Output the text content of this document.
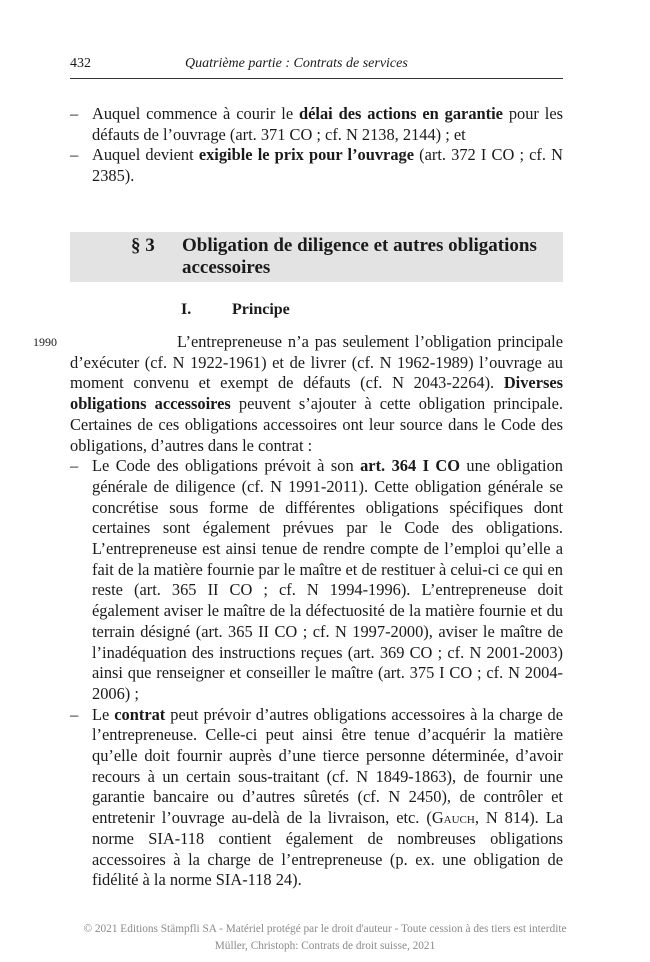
432	Quatrième partie : Contrats de services
– Auquel commence à courir le délai des actions en garantie pour les défauts de l’ouvrage (art. 371 CO ; cf. N 2138, 2144) ; et
– Auquel devient exigible le prix pour l’ouvrage (art. 372 I CO ; cf. N 2385).
§ 3 Obligation de diligence et autres obligations accessoires
I.	Principe
1990	L’entrepreneuse n’a pas seulement l’obligation principale d’exécuter (cf. N 1922-1961) et de livrer (cf. N 1962-1989) l’ouvrage au moment convenu et exempt de défauts (cf. N 2043-2264). Diverses obligations accessoires peuvent s’ajouter à cette obligation principale. Certaines de ces obligations accessoires ont leur source dans le Code des obligations, d’autres dans le contrat :

– Le Code des obligations prévoit à son art. 364 I CO une obligation générale de diligence (cf. N 1991-2011). Cette obligation générale se concrétise sous forme de différentes obligations spécifiques dont certaines sont également prévues par le Code des obligations. L’entrepreneuse est ainsi tenue de rendre compte de l’emploi qu’elle a fait de la matière fournie par le maître et de restituer à celui-ci ce qui en reste (art. 365 II CO ; cf. N 1994-1996). L’entrepreneuse doit également aviser le maître de la défectuosité de la matière fournie et du terrain désigné (art. 365 II CO ; cf. N 1997-2000), aviser le maître de l’inadéquation des instructions reçues (art. 369 CO ; cf. N 2001-2003) ainsi que renseigner et conseiller le maître (art. 375 I CO ; cf. N 2004-2006) ;
– Le contrat peut prévoir d’autres obligations accessoires à la charge de l’entrepreneuse. Celle-ci peut ainsi être tenue d’acquérir la matière qu’elle doit fournir auprès d’une tierce personne déterminée, d’avoir recours à un certain sous-traitant (cf. N 1849-1863), de fournir une garantie bancaire ou d’autres sûretés (cf. N 2450), de contrôler et entretenir l’ouvrage au-delà de la livraison, etc. (Gauch, N 814). La norme SIA-118 contient également de nombreuses obligations accessoires à la charge de l’entrepreneuse (p. ex. une obligation de fidélité à la norme SIA-118 24).
© 2021 Editions Stämpfli SA - Matériel protégé par le droit d'auteur - Toute cession à des tiers est interdite
Müller, Christoph: Contrats de droit suisse, 2021
